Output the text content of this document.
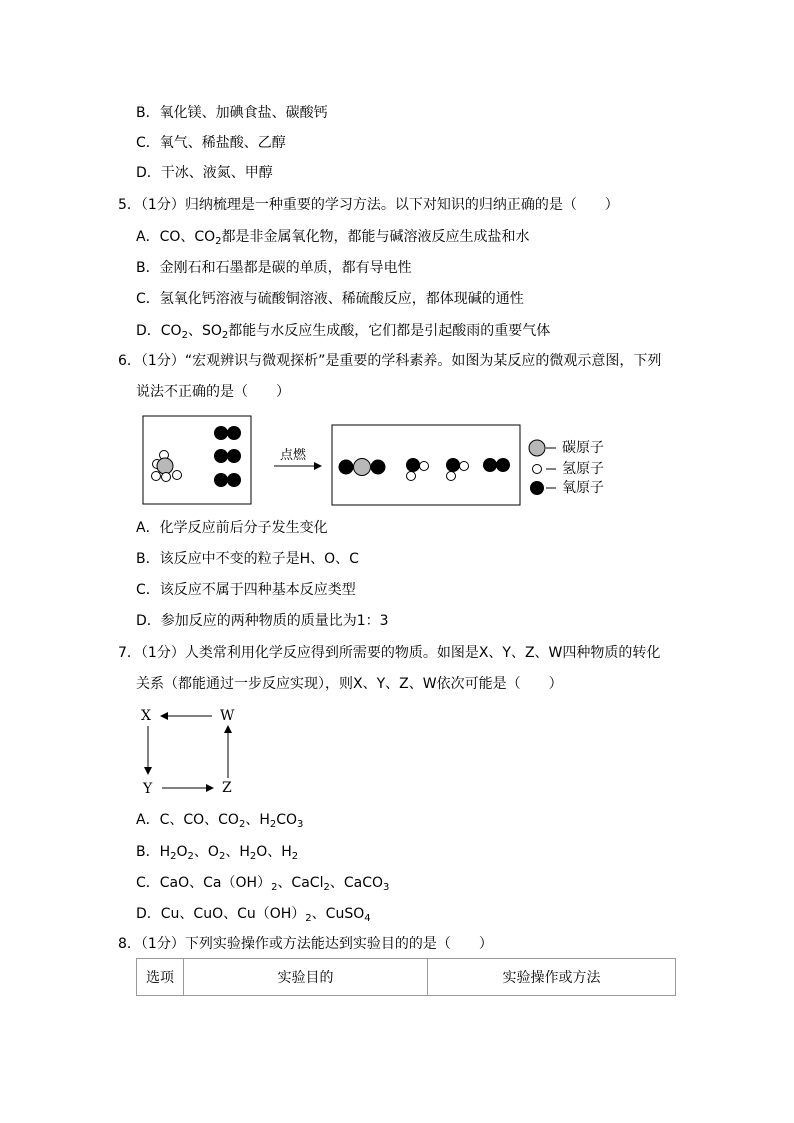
B．氧化镁、加碘食盐、碳酸钙
C．氧气、稀盐酸、乙醇
D．干冰、液氮、甲醇
5．（1分）归纳梳理是一种重要的学习方法。以下对知识的归纳正确的是（　　）
A．CO、$CO_2$都是非金属氧化物，都能与碱溶液反应生成盐和水
B．金刚石和石墨都是碳的单质，都有导电性
C．氢氧化钙溶液与硫酸铜溶液、稀硫酸反应，都体现碱的通性
D．$CO_2$、$SO_2$都能与水反应生成酸，它们都是引起酸雨的重要气体
6．（1分）“宏观辨识与微观探析”是重要的学科素养。如图为某反应的微观示意图，下列
说法不正确的是（　　）
点燃	碳原子
氢原子
氧原子
A．化学反应前后分子发生变化
B．该反应中不变的粒子是H、O、C
C．该反应不属于四种基本反应类型
D．参加反应的两种物质的质量比为1：3
7．（1分）人类常利用化学反应得到所需要的物质。如图是X、Y、Z、W四种物质的转化
关系（都能通过一步反应实现），则X、Y、Z、W依次可能是（　　）
X	W
Y	Z
A．C、CO、$CO_2$、$H_2CO_3$
B．$H_2O_2$、$O_2$、$H_2O$、$H_2$
C．CaO、$Ca(OH)_2$、CaCl$_2$、CaCO$_3$
D．Cu、CuO、$Cu(OH)_2$、CuSO$_4$
8．（1分）下列实验操作或方法能达到实验目的的是（　　）
选项	实验目的	实验操作或方法
